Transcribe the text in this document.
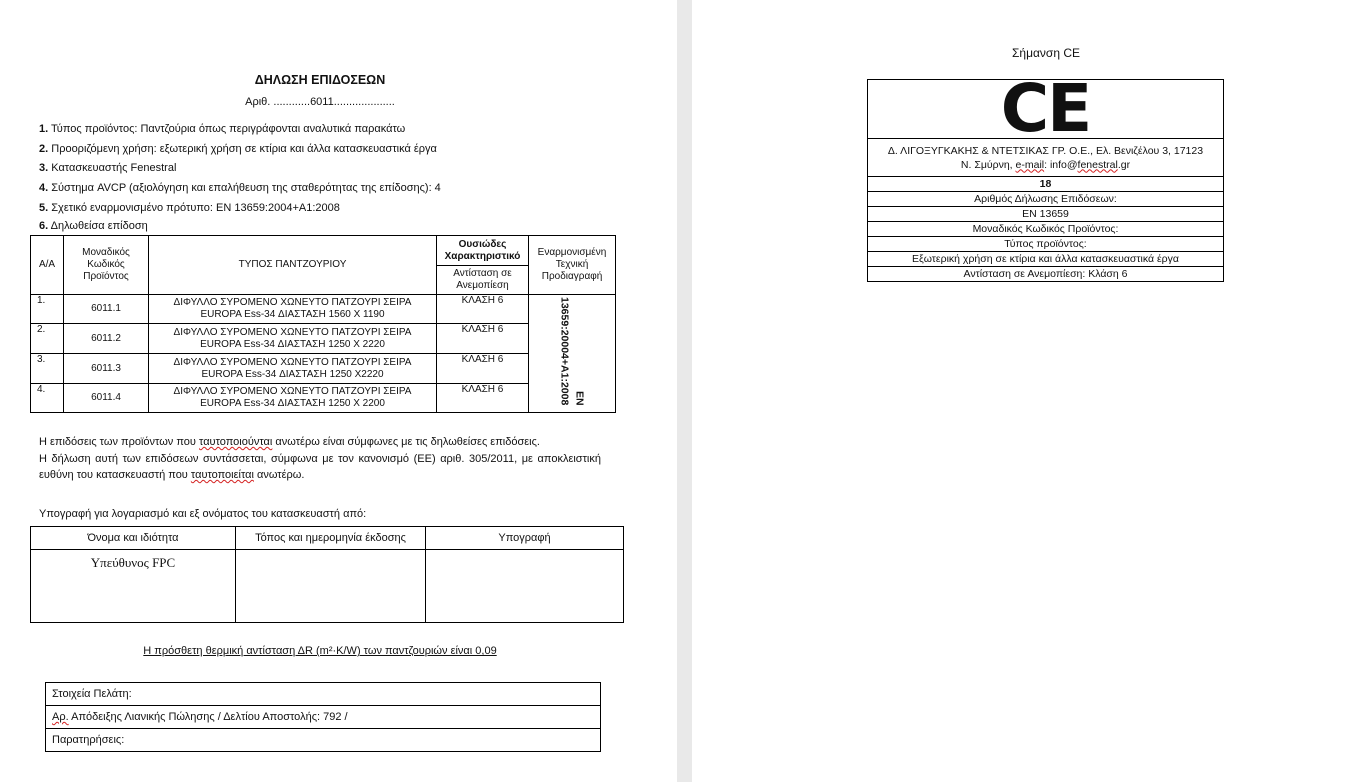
ΔΗΛΩΣΗ ΕΠΙΔΟΣΕΩΝ
Αριθ. ............6011....................
1. Τύπος προϊόντος: Παντζούρια όπως περιγράφονται αναλυτικά παρακάτω
2. Προοριζόμενη χρήση: εξωτερική χρήση σε κτίρια και άλλα κατασκευαστικά έργα
3. Κατασκευαστής Fenestral
4. Σύστημα AVCP (αξιολόγηση και επαλήθευση της σταθερότητας της επίδοσης): 4
5. Σχετικό εναρμονισμένο πρότυπο: EN 13659:2004+A1:2008
6. Δηλωθείσα επίδοση
Α/Α	Μοναδικός Κωδικός Προϊόντος	ΤΥΠΟΣ ΠΑΝΤΖΟΥΡΙΟΥ	Ουσιώδες Χαρακτηριστικό	Εναρμονισμένη Τεχνική Προδιαγραφή
			Αντίσταση σε Ανεμοπίεση	
1.	6011.1	ΔΙΦΥΛΛΟ ΣΥΡΟΜΕΝΟ ΧΩΝΕΥΤΟ ΠΑΤΖΟΥΡΙ ΣΕΙΡΑ
EUROPA Ess-34 ΔΙΑΣΤΑΣΗ 1560 X 1190	ΚΛΑΣΗ 6	13659:20004+A1:2008 EN
2.	6011.2	ΔΙΦΥΛΛΟ ΣΥΡΟΜΕΝΟ ΧΩΝΕΥΤΟ ΠΑΤΖΟΥΡΙ ΣΕΙΡΑ
EUROPA Ess-34 ΔΙΑΣΤΑΣΗ 1250 X 2220	ΚΛΑΣΗ 6	
3.	6011.3	ΔΙΦΥΛΛΟ ΣΥΡΟΜΕΝΟ ΧΩΝΕΥΤΟ ΠΑΤΖΟΥΡΙ ΣΕΙΡΑ
EUROPA Ess-34 ΔΙΑΣΤΑΣΗ 1250 X2220	ΚΛΑΣΗ 6	
4.	6011.4	ΔΙΦΥΛΛΟ ΣΥΡΟΜΕΝΟ ΧΩΝΕΥΤΟ ΠΑΤΖΟΥΡΙ ΣΕΙΡΑ
EUROPA Ess-34 ΔΙΑΣΤΑΣΗ 1250 X 2200	ΚΛΑΣΗ 6	
Η επιδόσεις των προϊόντων που ταυτοποιούνται ανωτέρω είναι σύμφωνες με τις δηλωθείσες επιδόσεις.
Η δήλωση αυτή των επιδόσεων συντάσσεται, σύμφωνα με τον κανονισμό (ΕΕ) αριθ. 305/2011, με αποκλειστική ευθύνη του κατασκευαστή που ταυτοποιείται ανωτέρω.
Υπογραφή για λογαριασμό και εξ ονόματος του κατασκευαστή από:
Όνομα και ιδιότητα	Τόπος και ημερομηνία έκδοσης	Υπογραφή
Υπεύθυνος FPC		
Η πρόσθετη θερμική αντίσταση ΔR (m²·K/W) των παντζουριών είναι 0,09
Στοιχεία Πελάτη:
Αρ. Απόδειξης Λιανικής Πώλησης / Δελτίου Αποστολής: 792 /
Παρατηρήσεις:
Σήμανση CE
CE

Δ. ΛΙΓΟΞΥΓΚΑΚΗΣ & ΝΤΕΤΣΙΚΑΣ ΓΡ. Ο.Ε., Ελ. Βενιζέλου 3, 17123
Ν. Σμύρνη, e-mail: info@fenestral.gr

18
Αριθμός Δήλωσης Επιδόσεων:
EN 13659
Μοναδικός Κωδικός Προϊόντος:
Τύπος προϊόντος:
Εξωτερική χρήση σε κτίρια και άλλα κατασκευαστικά έργα
Αντίσταση σε Ανεμοπίεση: Κλάση 6
